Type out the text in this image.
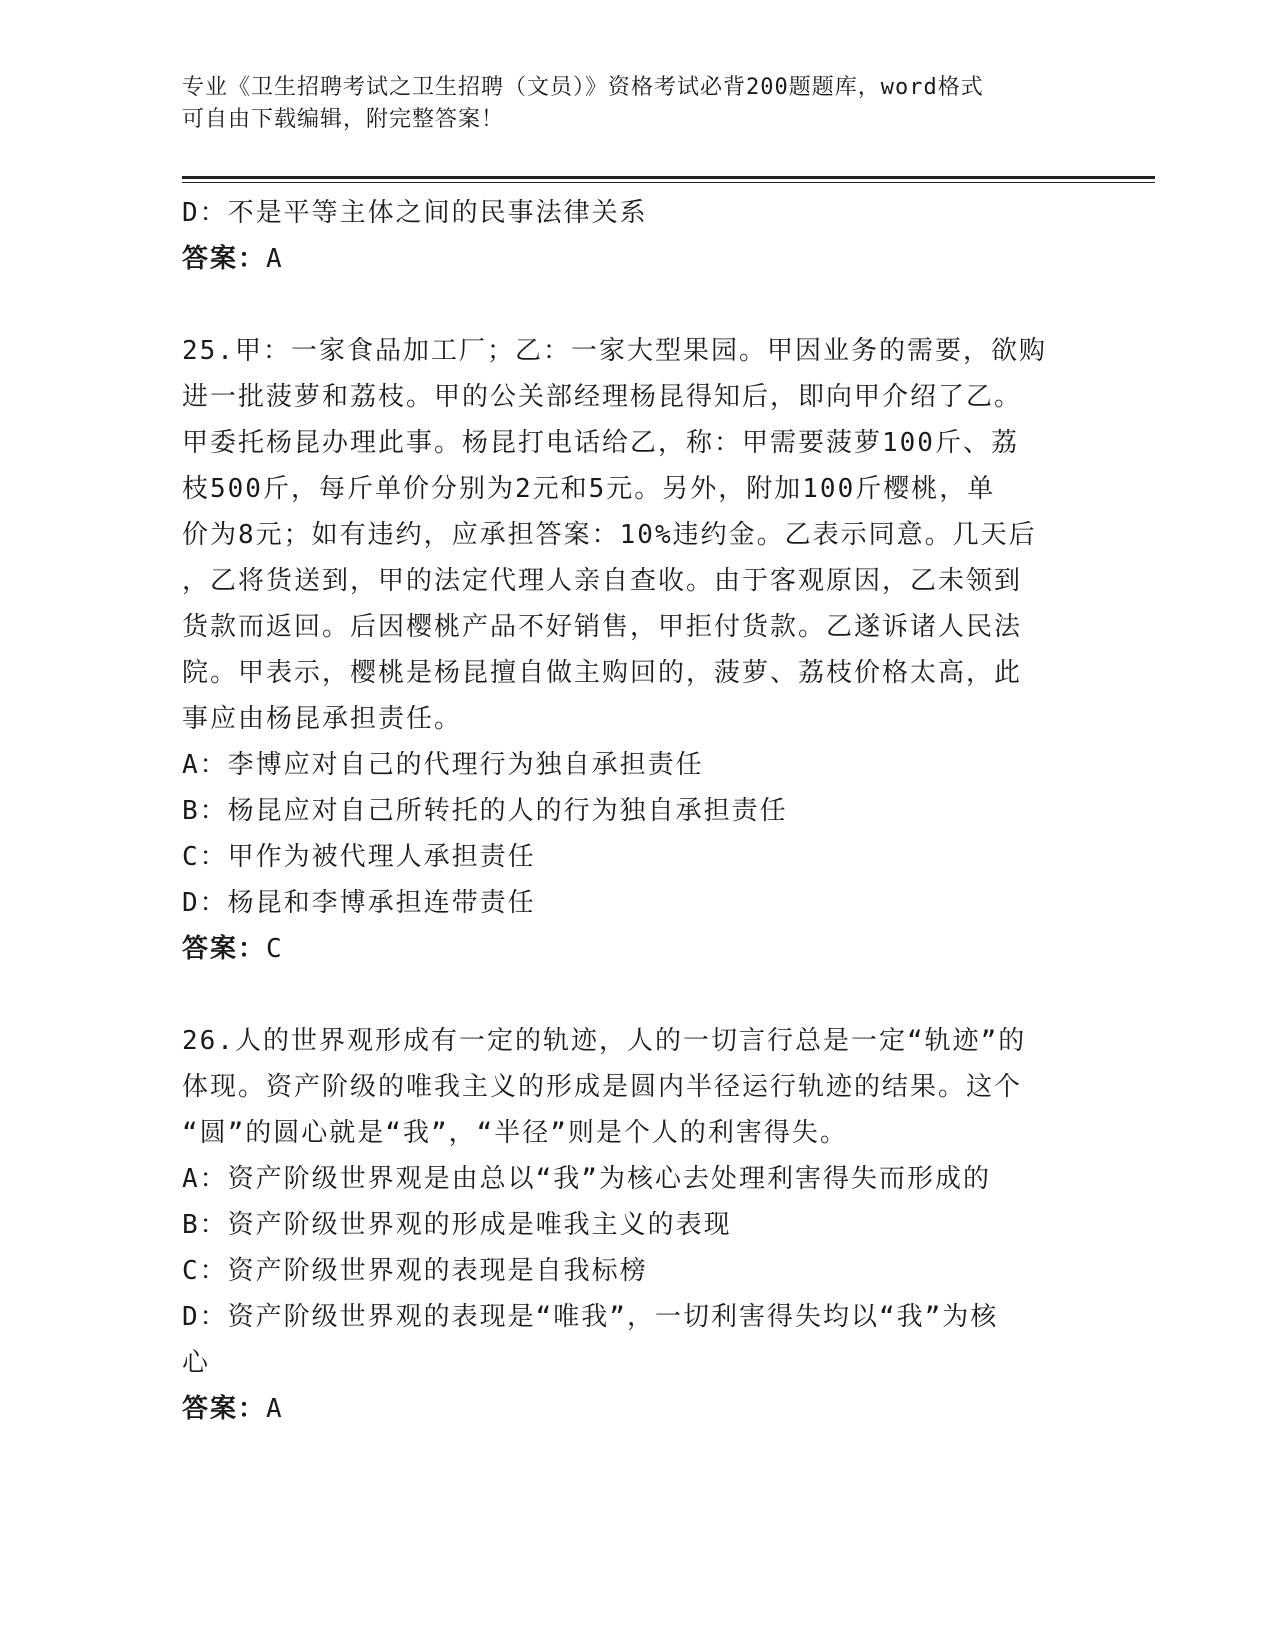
专业《卫生招聘考试之卫生招聘（文员）》资格考试必背200题题库，word格式

可自由下载编辑，附完整答案！

D：不是平等主体之间的民事法律关系

答案：A

25.甲：一家食品加工厂；乙：一家大型果园。甲因业务的需要，欲购

进一批菠萝和荔枝。甲的公关部经理杨昆得知后，即向甲介绍了乙。

甲委托杨昆办理此事。杨昆打电话给乙，称：甲需要菠萝100斤、荔

枝500斤，每斤单价分别为2元和5元。另外，附加100斤樱桃，单

价为8元；如有违约，应承担答案：10%违约金。乙表示同意。几天后

，乙将货送到，甲的法定代理人亲自查收。由于客观原因，乙未领到

货款而返回。后因樱桃产品不好销售，甲拒付货款。乙遂诉诸人民法

院。甲表示，樱桃是杨昆擅自做主购回的，菠萝、荔枝价格太高，此

事应由杨昆承担责任。

A：李博应对自己的代理行为独自承担责任

B：杨昆应对自己所转托的人的行为独自承担责任

C：甲作为被代理人承担责任

D：杨昆和李博承担连带责任

答案：C

26.人的世界观形成有一定的轨迹，人的一切言行总是一定“轨迹”的

体现。资产阶级的唯我主义的形成是圆内半径运行轨迹的结果。这个

“圆”的圆心就是“我”，“半径”则是个人的利害得失。

A：资产阶级世界观是由总以“我”为核心去处理利害得失而形成的

B：资产阶级世界观的形成是唯我主义的表现

C：资产阶级世界观的表现是自我标榜

D：资产阶级世界观的表现是“唯我”，一切利害得失均以“我”为核

心

答案：A
